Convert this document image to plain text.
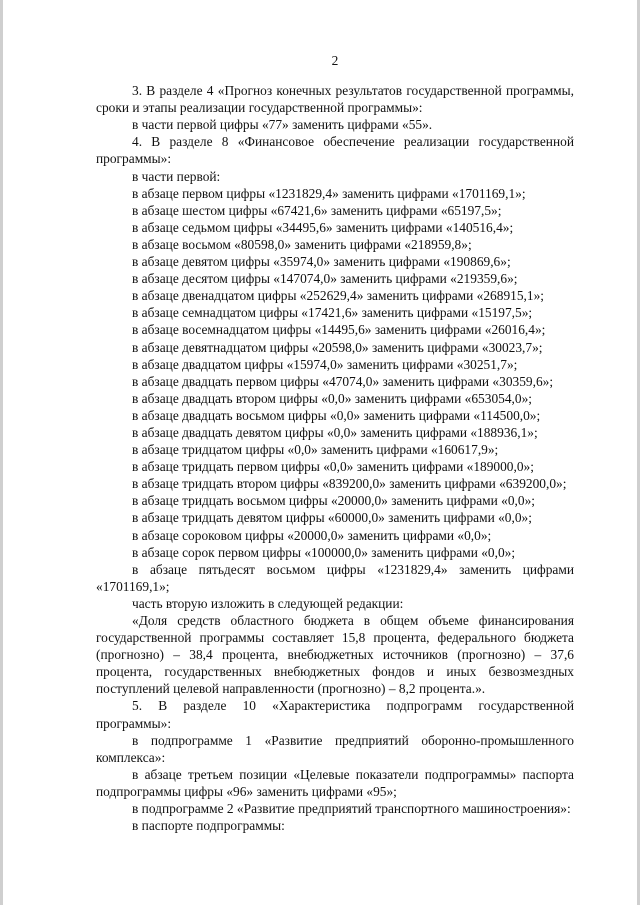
2
3. В разделе 4 «Прогноз конечных результатов государственной программы, сроки и этапы реализации государственной программы»:
в части первой цифры «77» заменить цифрами «55».
4. В разделе 8 «Финансовое обеспечение реализации государственной программы»:
в части первой:
в абзаце первом цифры «1231829,4» заменить цифрами «1701169,1»;
в абзаце шестом цифры «67421,6» заменить цифрами «65197,5»;
в абзаце седьмом цифры «34495,6» заменить цифрами «140516,4»;
в абзаце восьмом «80598,0» заменить цифрами «218959,8»;
в абзаце девятом цифры «35974,0» заменить цифрами «190869,6»;
в абзаце десятом цифры «147074,0» заменить цифрами «219359,6»;
в абзаце двенадцатом цифры «252629,4» заменить цифрами «268915,1»;
в абзаце семнадцатом цифры «17421,6» заменить цифрами «15197,5»;
в абзаце восемнадцатом цифры «14495,6» заменить цифрами «26016,4»;
в абзаце девятнадцатом цифры «20598,0» заменить цифрами «30023,7»;
в абзаце двадцатом цифры «15974,0» заменить цифрами «30251,7»;
в абзаце двадцать первом цифры «47074,0» заменить цифрами «30359,6»;
в абзаце двадцать втором цифры «0,0» заменить цифрами «653054,0»;
в абзаце двадцать восьмом цифры «0,0» заменить цифрами «114500,0»;
в абзаце двадцать девятом цифры «0,0» заменить цифрами «188936,1»;
в абзаце тридцатом цифры «0,0» заменить цифрами «160617,9»;
в абзаце тридцать первом цифры «0,0» заменить цифрами «189000,0»;
в абзаце тридцать втором цифры «839200,0» заменить цифрами «639200,0»;
в абзаце тридцать восьмом цифры «20000,0» заменить цифрами «0,0»;
в абзаце тридцать девятом цифры «60000,0» заменить цифрами «0,0»;
в абзаце сороковом цифры «20000,0» заменить цифрами «0,0»;
в абзаце сорок первом цифры «100000,0» заменить цифрами «0,0»;
в абзаце пятьдесят восьмом цифры «1231829,4» заменить цифрами «1701169,1»;
часть вторую изложить в следующей редакции:
«Доля средств областного бюджета в общем объеме финансирования государственной программы составляет 15,8 процента, федерального бюджета (прогнозно) – 38,4 процента, внебюджетных источников (прогнозно) – 37,6 процента, государственных внебюджетных фондов и иных безвозмездных поступлений целевой направленности (прогнозно) – 8,2 процента.».
5. В разделе 10 «Характеристика подпрограмм государственной программы»:
в подпрограмме 1 «Развитие предприятий оборонно-промышленного комплекса»:
в абзаце третьем позиции «Целевые показатели подпрограммы» паспорта подпрограммы цифры «96» заменить цифрами «95»;
в подпрограмме 2 «Развитие предприятий транспортного машиностроения»:
в паспорте подпрограммы:
